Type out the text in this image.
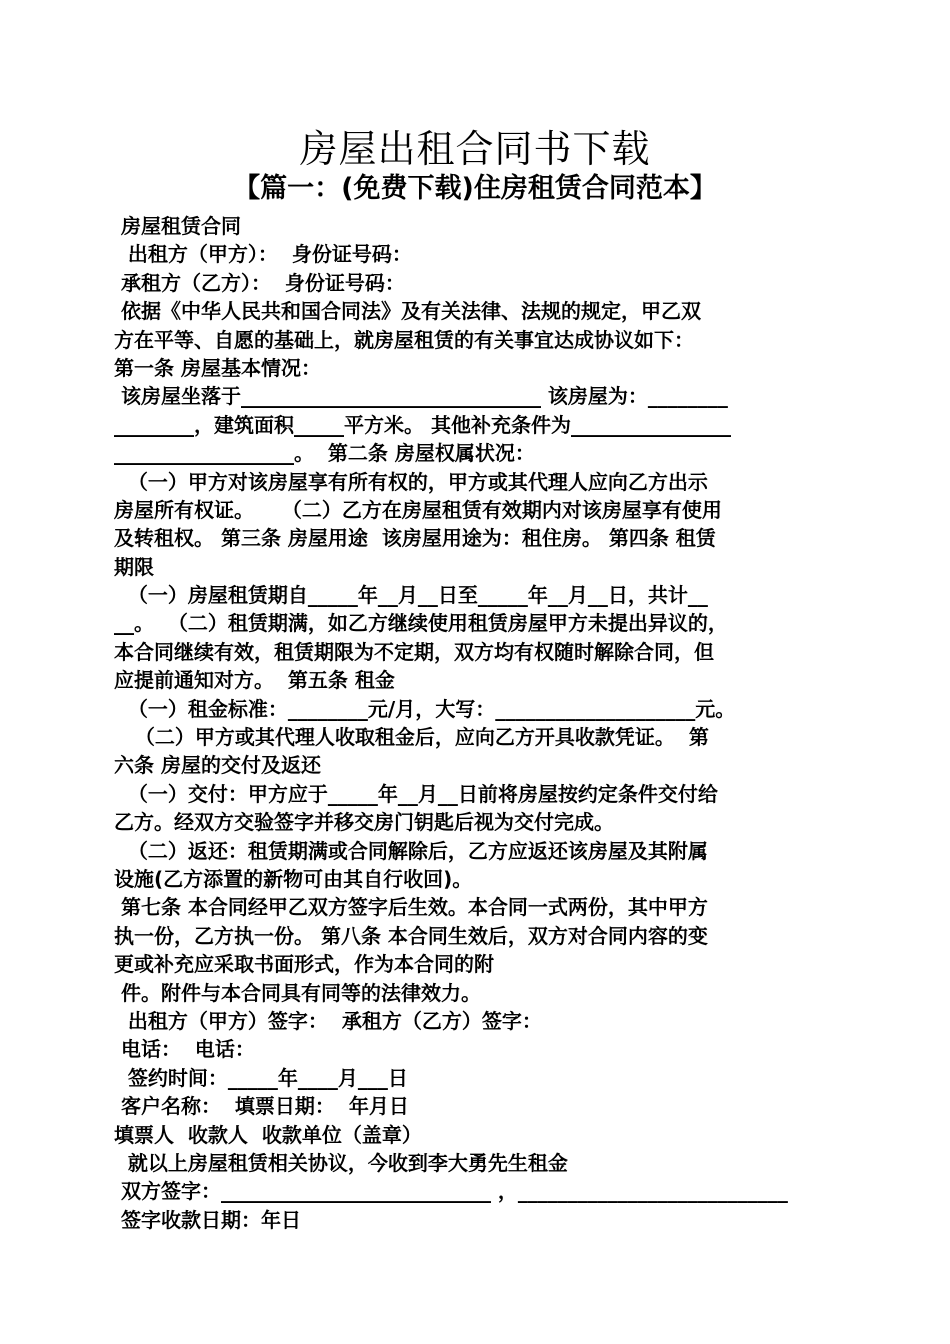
房屋出租合同书下载
【篇一：(免费下载)住房租赁合同范本】
房屋租赁合同
出租方（甲方）：  身份证号码：
承租方（乙方）：  身份证号码：
依据《中华人民共和国合同法》及有关法律、法规的规定，甲乙双
方在平等、自愿的基础上，就房屋租赁的有关事宜达成协议如下：
第一条 房屋基本情况：
该房屋坐落于______________________________ 该房屋为：________
________，建筑面积_____平方米。 其他补充条件为________________
__________________。  第二条 房屋权属状况：
（一）甲方对该房屋享有所有权的，甲方或其代理人应向乙方出示
房屋所有权证。    （二）乙方在房屋租赁有效期内对该房屋享有使用
及转租权。 第三条 房屋用途  该房屋用途为：租住房。 第四条 租赁
期限
（一）房屋租赁期自_____年__月__日至_____年__月__日，共计__
__。  （二）租赁期满，如乙方继续使用租赁房屋甲方未提出异议的，
本合同继续有效，租赁期限为不定期，双方均有权随时解除合同，但
应提前通知对方。  第五条 租金
（一）租金标准：________元/月，大写：____________________元。
（二）甲方或其代理人收取租金后，应向乙方开具收款凭证。  第
六条 房屋的交付及返还
（一）交付：甲方应于_____年__月__日前将房屋按约定条件交付给
乙方。经双方交验签字并移交房门钥匙后视为交付完成。
（二）返还：租赁期满或合同解除后，乙方应返还该房屋及其附属
设施(乙方添置的新物可由其自行收回)。
第七条 本合同经甲乙双方签字后生效。本合同一式两份，其中甲方
执一份，乙方执一份。 第八条 本合同生效后，双方对合同内容的变
更或补充应采取书面形式，作为本合同的附
件。附件与本合同具有同等的法律效力。
出租方（甲方）签字：  承租方（乙方）签字：
电话：  电话：
签约时间：_____年____月___日
客户名称：  填票日期：  年月日
填票人  收款人  收款单位（盖章）
就以上房屋租赁相关协议，今收到李大勇先生租金
双方签字：___________________________ ，___________________________
签字收款日期：年日
